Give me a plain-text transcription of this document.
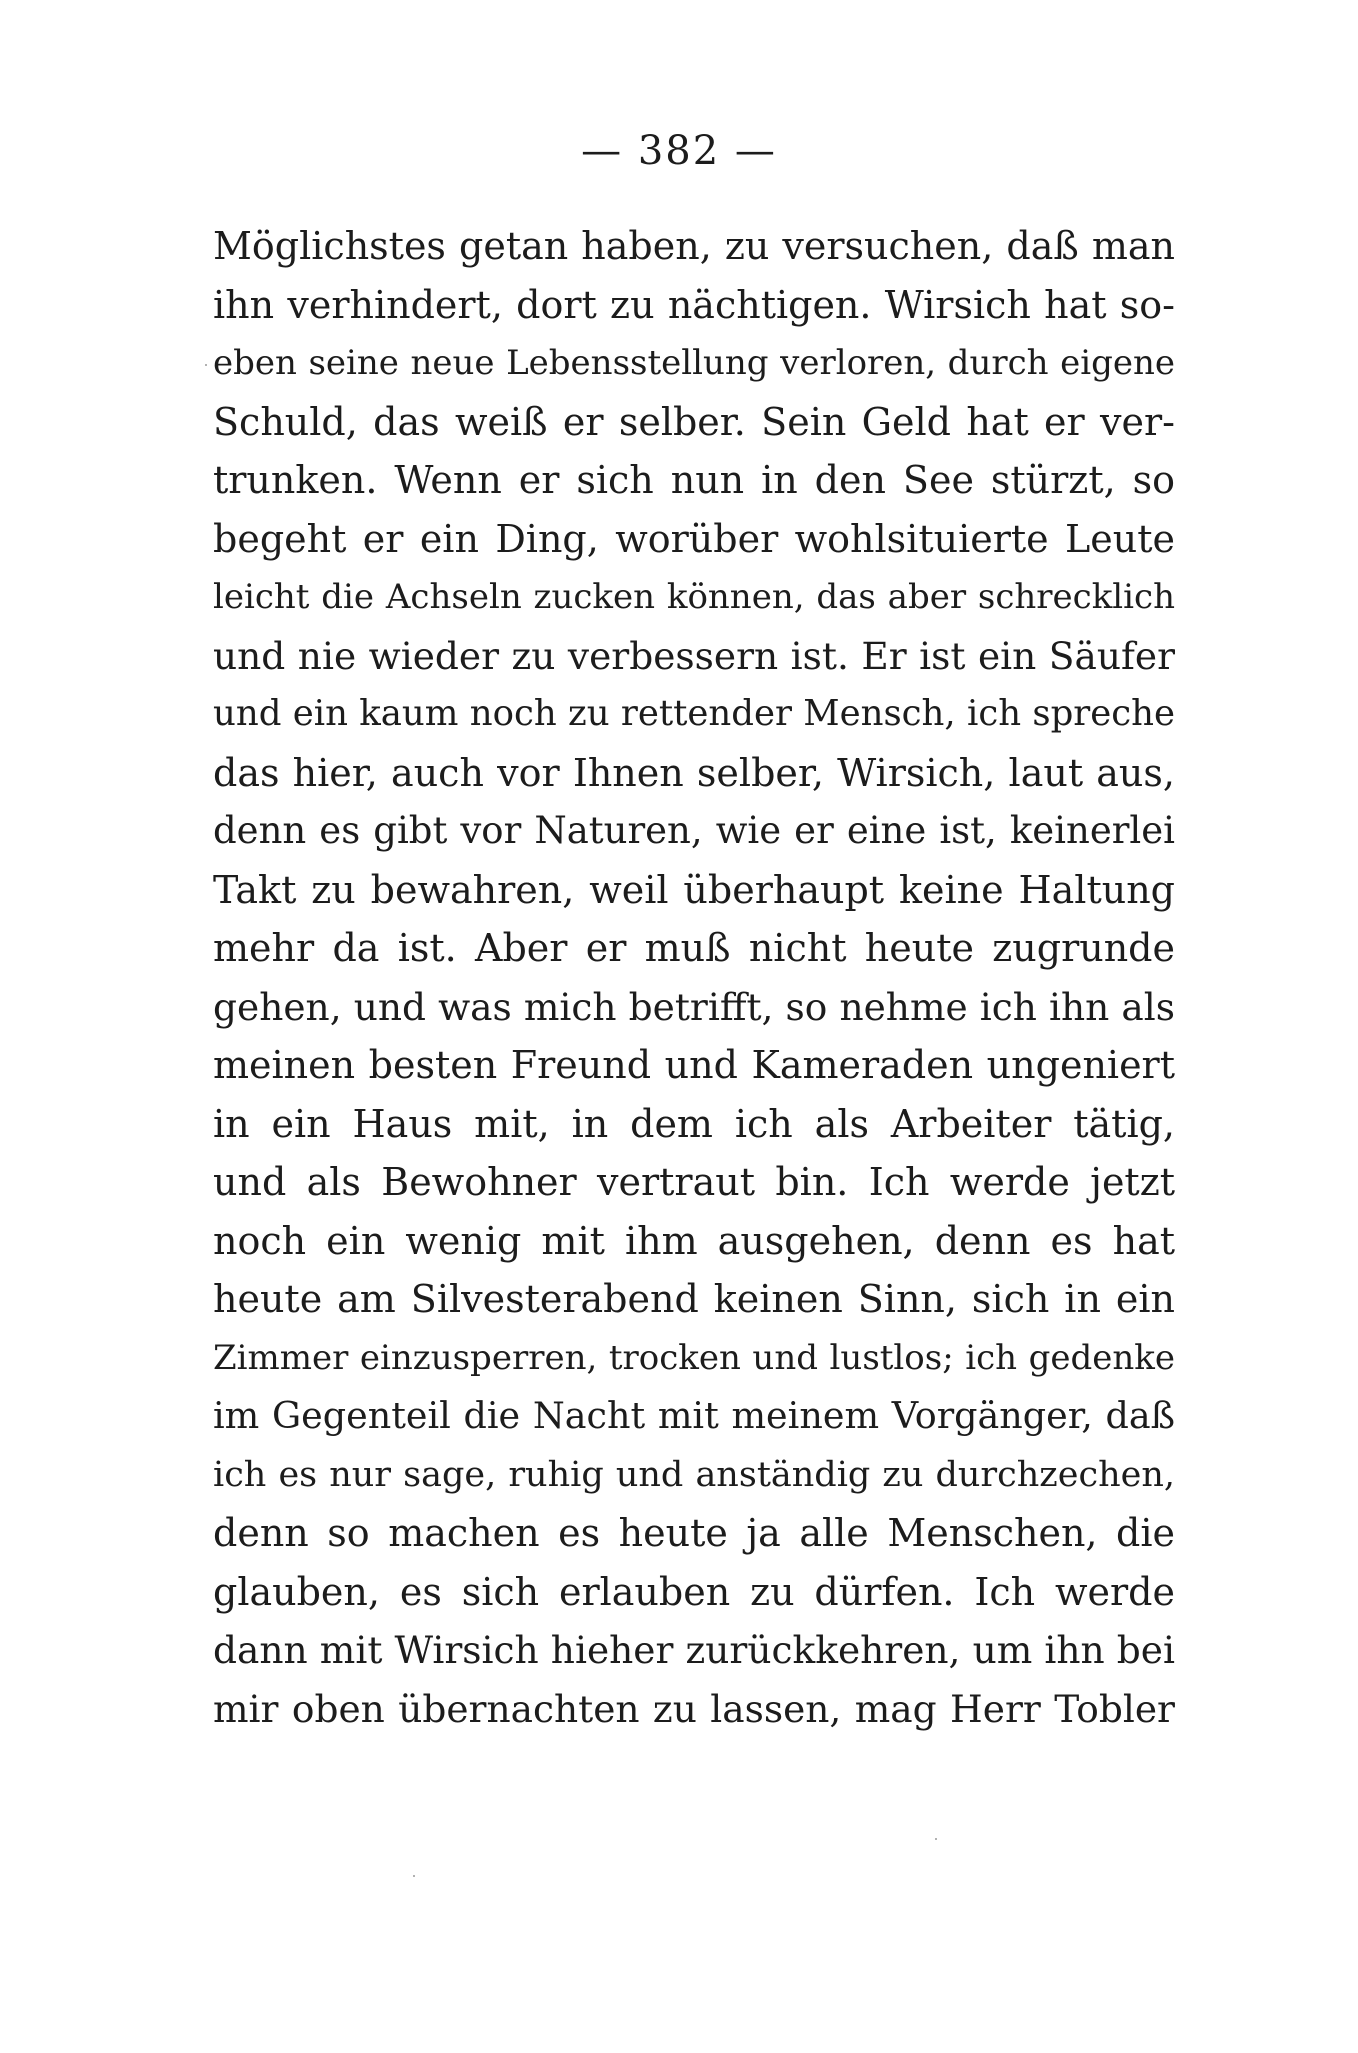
— 382 —
Möglichstes getan haben, zu versuchen, daß man
ihn verhindert, dort zu nächtigen. Wirsich hat so-
eben seine neue Lebensstellung verloren, durch eigene
Schuld, das weiß er selber. Sein Geld hat er ver-
trunken. Wenn er sich nun in den See stürzt, so
begeht er ein Ding, worüber wohlsituierte Leute
leicht die Achseln zucken können, das aber schrecklich
und nie wieder zu verbessern ist. Er ist ein Säufer
und ein kaum noch zu rettender Mensch, ich spreche
das hier, auch vor Ihnen selber, Wirsich, laut aus,
denn es gibt vor Naturen, wie er eine ist, keinerlei
Takt zu bewahren, weil überhaupt keine Haltung
mehr da ist. Aber er muß nicht heute zugrunde
gehen, und was mich betrifft, so nehme ich ihn als
meinen besten Freund und Kameraden ungeniert
in ein Haus mit, in dem ich als Arbeiter tätig,
und als Bewohner vertraut bin. Ich werde jetzt
noch ein wenig mit ihm ausgehen, denn es hat
heute am Silvesterabend keinen Sinn, sich in ein
Zimmer einzusperren, trocken und lustlos; ich gedenke
im Gegenteil die Nacht mit meinem Vorgänger, daß
ich es nur sage, ruhig und anständig zu durchzechen,
denn so machen es heute ja alle Menschen, die
glauben, es sich erlauben zu dürfen. Ich werde
dann mit Wirsich hieher zurückkehren, um ihn bei
mir oben übernachten zu lassen, mag Herr Tobler
